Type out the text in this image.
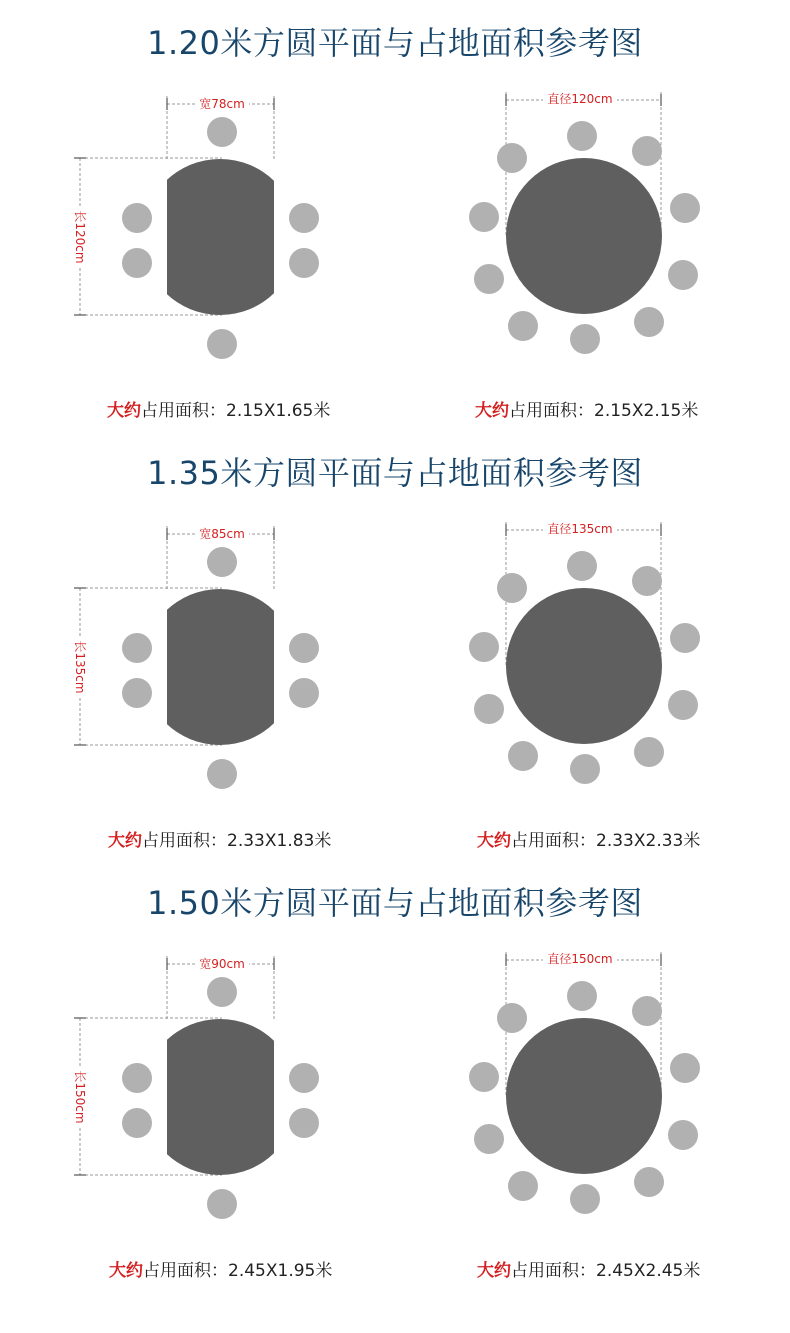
1.20米方圆平面与占地面积参考图
宽78cm
长120cm
直径120cm
大约占用面积：2.15X1.65米	大约占用面积：2.15X2.15米
1.35米方圆平面与占地面积参考图
宽85cm
长135cm
直径135cm
大约占用面积：2.33X1.83米	大约占用面积：2.33X2.33米
1.50米方圆平面与占地面积参考图
宽90cm
长150cm
直径150cm
大约占用面积：2.45X1.95米	大约占用面积：2.45X2.45米
